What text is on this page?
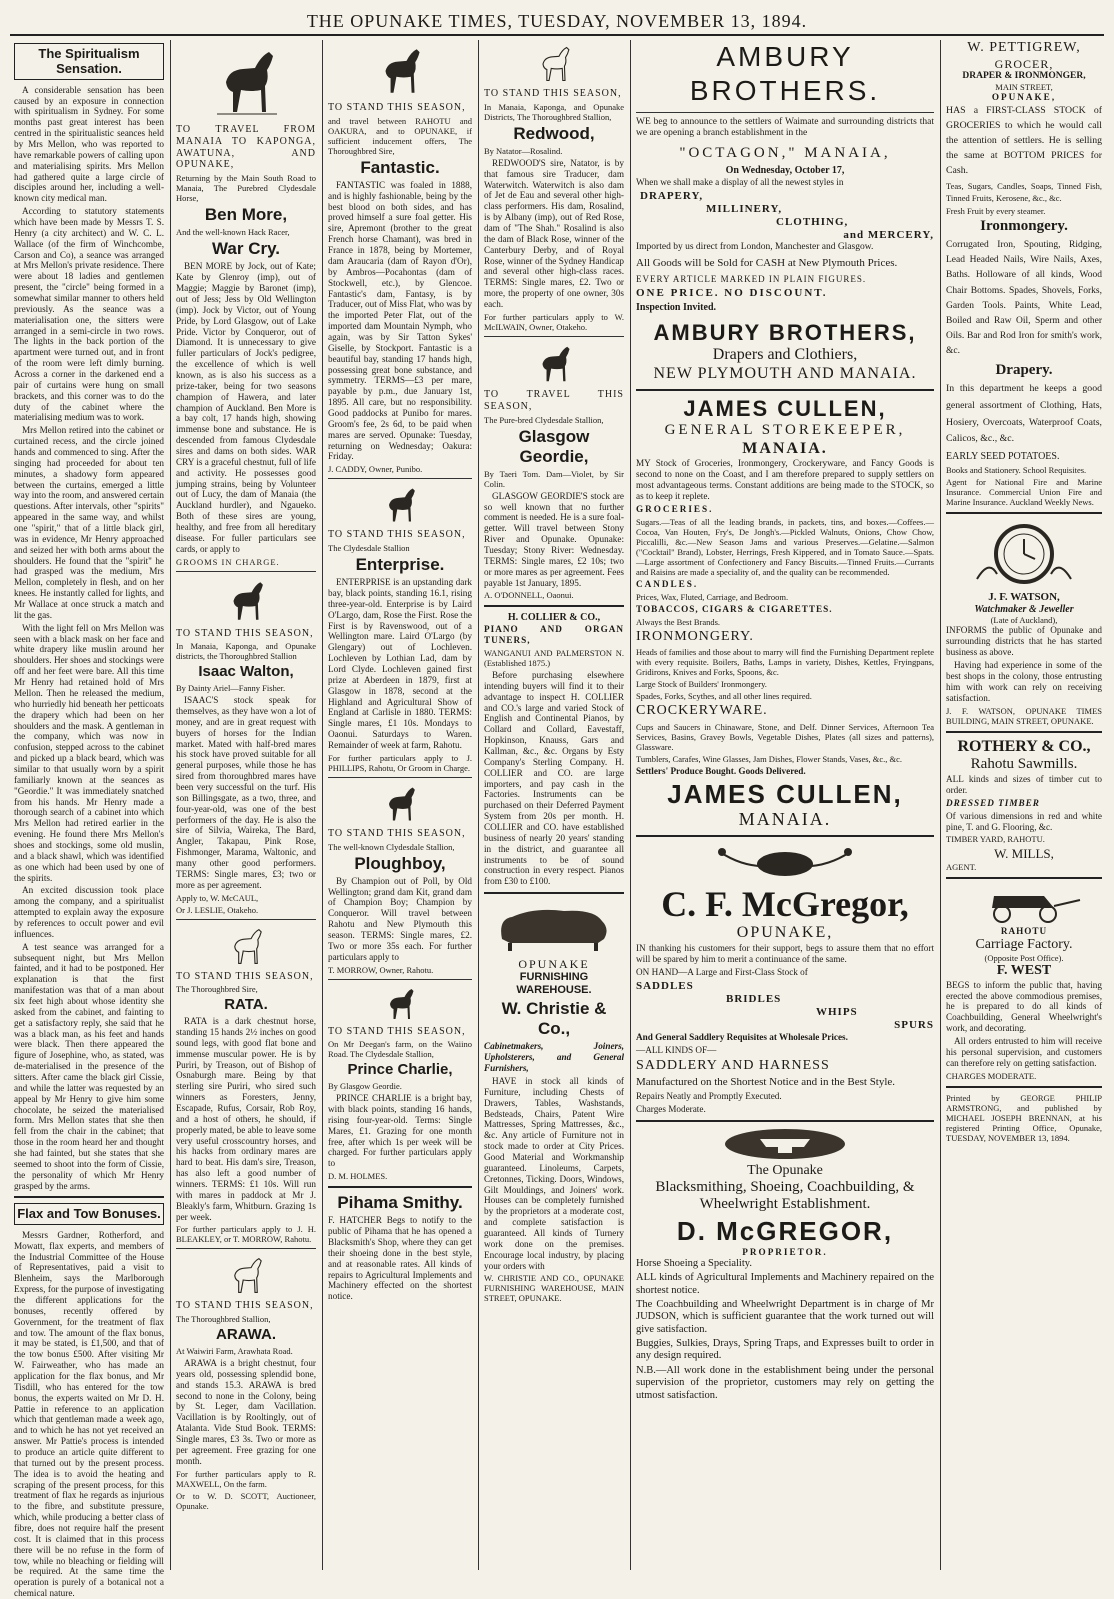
THE OPUNAKE TIMES, TUESDAY, NOVEMBER 13, 1894.
The Spiritualism Sensation.

A considerable sensation has been caused by an exposure in connection with spiritualism in Sydney. For some months past great interest has been centred in the spiritualistic seances held by Mrs Mellon, who was reported to have remarkable powers of calling upon and materialising spirits. Mrs Mellon had gathered quite a large circle of disciples around her, including a well-known city medical man.

According to statutory statements which have been made by Messrs T. S. Henry (a city architect) and W. C. L. Wallace (of the firm of Winchcombe, Carson and Co), a seance was arranged at Mrs Mellon's private residence. There were about 18 ladies and gentlemen present, the "circle" being formed in a somewhat similar manner to others held previously. As the seance was a materialisation one, the sitters were arranged in a semi-circle in two rows. The lights in the back portion of the apartment were turned out, and in front of the room were left dimly burning. Across a corner in the darkened end a pair of curtains were hung on small brackets, and this corner was to do the duty of the cabinet where the materialising medium was to work.

Mrs Mellon retired into the cabinet or curtained recess, and the circle joined hands and commenced to sing. After the singing had proceeded for about ten minutes, a shadowy form appeared between the curtains, emerged a little way into the room, and answered certain questions. After intervals, other "spirits" appeared in the same way, and whilst one "spirit," that of a little black girl, was in evidence, Mr Henry approached and seized her with both arms about the shoulders. He found that the "spirit" he had grasped was the medium, Mrs Mellon, completely in flesh, and on her knees. He instantly called for lights, and Mr Wallace at once struck a match and lit the gas.

With the light fell on Mrs Mellon was seen with a black mask on her face and white drapery like muslin around her shoulders. Her shoes and stockings were off and her feet were bare. All this time Mr Henry had retained hold of Mrs Mellon. Then he released the medium, who hurriedly hid beneath her petticoats the drapery which had been on her shoulders and the mask. A gentleman in the company, which was now in confusion, stepped across to the cabinet and picked up a black beard, which was similar to that usually worn by a spirit familiarly known at the seances as "Geordie." It was immediately snatched from his hands. Mr Henry made a thorough search of a cabinet into which Mrs Mellon had retired earlier in the evening. He found there Mrs Mellon's shoes and stockings, some old muslin, and a black shawl, which was identified as one which had been used by one of the spirits.

An excited discussion took place among the company, and a spiritualist attempted to explain away the exposure by references to occult power and evil influences.

A test seance was arranged for a subsequent night, but Mrs Mellon fainted, and it had to be postponed. Her explanation is that the first manifestation was that of a man about six feet high about whose identity she asked from the cabinet, and fainting to get a satisfactory reply, she said that he was a black man, as his feet and hands were black. Then there appeared the figure of Josephine, who, as stated, was de-materialised in the presence of the sitters. After came the black girl Cissie, and while the latter was requested by an appeal by Mr Henry to give him some chocolate, he seized the materialised form. Mrs Mellon states that she then fell from the chair in the cabinet; that those in the room heard her and thought she had fainted, but she states that she seemed to shoot into the form of Cissie, the personality of which Mr Henry grasped by the arms.

Flax and Tow Bonuses.

Messrs Gardner, Rotherford, and Mowatt, flax experts, and members of the Industrial Committee of the House of Representatives, paid a visit to Blenheim, says the Marlborough Express, for the purpose of investigating the different applications for the bonuses, recently offered by Government, for the treatment of flax and tow. The amount of the flax bonus, it may be stated, is £1,500, and that of the tow bonus £500. After visiting Mr W. Fairweather, who has made an application for the flax bonus, and Mr Tisdill, who has entered for the tow bonus, the experts waited on Mr D. H. Pattie in reference to an application which that gentleman made a week ago, and to which he has not yet received an answer. Mr Pattie's process is intended to produce an article quite different to that turned out by the present process. The idea is to avoid the heating and scraping of the present process, for this treatment of flax he regards as injurious to the fibre, and substitute pressure, which, while producing a better class of fibre, does not require half the present cost. It is claimed that in this process there will be no refuse in the form of tow, while no bleaching or fielding will be required. At the same time the operation is purely of a botanical not a chemical nature.

TO TRAVEL FROM MANAIA TO KAPONGA, AWATUNA, AND OPUNAKE,

Returning by the Main South Road to Manaia, The Purebred Clydesdale Horse,

Ben More,

And the well-known Hack Racer,

War Cry.

BEN MORE by Jock, out of Kate; Kate by Glenroy (imp), out of Maggie; Maggie by Baronet (imp), out of Jess; Jess by Old Wellington (imp). Jock by Victor, out of Young Pride, by Lord Glasgow, out of Lake Pride. Victor by Conqueror, out of Diamond. It is unnecessary to give fuller particulars of Jock's pedigree, the excellence of which is well known, as is also his success as a prize-taker, being for two seasons champion of Hawera, and later champion of Auckland. Ben More is a bay colt, 17 hands high, showing immense bone and substance. He is descended from famous Clydesdale sires and dams on both sides. WAR CRY is a graceful chestnut, full of life and activity. He possesses good jumping strains, being by Volunteer out of Lucy, the dam of Manaia (the Auckland hurdler), and Ngaueko. Both of these sires are young, healthy, and free from all hereditary disease. For fuller particulars see cards, or apply to

GROOMS IN CHARGE.

TO STAND THIS SEASON,

In Manaia, Kaponga, and Opunake districts, the Thoroughbred Stallion

Isaac Walton,

By Dainty Ariel—Fanny Fisher.

ISAAC'S stock speak for themselves, as they have won a lot of money, and are in great request with buyers of horses for the Indian market. Mated with half-bred mares his stock have proved suitable for all general purposes, while those he has sired from thoroughbred mares have been very successful on the turf. His son Billingsgate, as a two, three, and four-year-old, was one of the best performers of the day. He is also the sire of Silvia, Waireka, The Bard, Angler, Takapau, Pink Rose, Fishmonger, Marama, Waltonic, and many other good performers. TERMS: Single mares, £3; two or more as per agreement.

Apply to, W. McCAUL,

Or J. LESLIE, Otakeho.

TO STAND THIS SEASON,

The Thoroughbred Sire,

RATA.

RATA is a dark chestnut horse, standing 15 hands 2½ inches on good sound legs, with good flat bone and immense muscular power. He is by Puriri, by Treason, out of Bishop of Osnaburgh mare. Being by that sterling sire Puriri, who sired such winners as Foresters, Jenny, Escapade, Rufus, Corsair, Rob Roy, and a host of others, he should, if properly mated, be able to leave some very useful crosscountry horses, and his hacks from ordinary mares are hard to beat. His dam's sire, Treason, has also left a good number of winners. TERMS: £1 10s. Will run with mares in paddock at Mr J. Bleakly's farm, Whitburn. Grazing 1s per week.

For further particulars apply to J. H. BLEAKLEY, or T. MORROW, Rahotu.

TO STAND THIS SEASON,

The Thoroughbred Stallion,

ARAWA.

At Waiwiri Farm, Arawhata Road.

ARAWA is a bright chestnut, four years old, possessing splendid bone, and stands 15.3. ARAWA is bred second to none in the Colony, being by St. Leger, dam Vacillation. Vacillation is by Rooltingly, out of Atalanta. Vide Stud Book. TERMS: Single mares, £3 3s. Two or more as per agreement. Free grazing for one month.

For further particulars apply to R. MAXWELL, On the farm.

Or to W. D. SCOTT, Auctioneer, Opunake.

TO STAND THIS SEASON,

and travel between RAHOTU and OAKURA, and to OPUNAKE, if sufficient inducement offers, The Thoroughbred Sire,

Fantastic.

FANTASTIC was foaled in 1888, and is highly fashionable, being by the best blood on both sides, and has proved himself a sure foal getter. His sire, Apremont (brother to the great French horse Chamant), was bred in France in 1878, being by Mortemer, dam Araucaria (dam of Rayon d'Or), by Ambros—Pocahontas (dam of Stockwell, etc.), by Glencoe. Fantastic's dam, Fantasy, is by Traducer, out of Miss Flat, who was by the imported Peter Flat, out of the imported dam Mountain Nymph, who again, was by Sir Tatton Sykes' Giselle, by Stockport. Fantastic is a beautiful bay, standing 17 hands high, possessing great bone substance, and symmetry. TERMS—£3 per mare, payable by p.m., due January 1st, 1895. All care, but no responsibility. Good paddocks at Punibo for mares. Groom's fee, 2s 6d, to be paid when mares are served. Opunake: Tuesday, returning on Wednesday; Oakura: Friday.

J. CADDY, Owner, Punibo.

TO STAND THIS SEASON,

The Clydesdale Stallion

Enterprise.

ENTERPRISE is an upstanding dark bay, black points, standing 16.1, rising three-year-old. Enterprise is by Laird O'Largo, dam, Rose the First. Rose the First is by Ravenswood, out of a Wellington mare. Laird O'Largo (by Glengary) out of Lochleven. Lochleven by Lothian Lad, dam by Lord Clyde. Lochleven gained first prize at Aberdeen in 1879, first at Glasgow in 1878, second at the Highland and Agricultural Show of England at Carlisle in 1880. TERMS: Single mares, £1 10s. Mondays to Oaonui. Saturdays to Waren. Remainder of week at farm, Rahotu.

For further particulars apply to J. PHILLIPS, Rahotu, Or Groom in Charge.

TO STAND THIS SEASON,

The well-known Clydesdale Stallion,

Ploughboy,

By Champion out of Poll, by Old Wellington; grand dam Kit, grand dam of Champion Boy; Champion by Conqueror. Will travel between Rahotu and New Plymouth this season. TERMS: Single mares, £2. Two or more 35s each. For further particulars apply to

T. MORROW, Owner, Rahotu.

TO STAND THIS SEASON,

On Mr Deegan's farm, on the Waiino Road. The Clydesdale Stallion,

Prince Charlie,

By Glasgow Geordie.

PRINCE CHARLIE is a bright bay, with black points, standing 16 hands, rising four-year-old. Terms: Single Mares, £1. Grazing for one month free, after which 1s per week will be charged. For further particulars apply to

D. M. HOLMES.

Pihama Smithy.

F. HATCHER Begs to notify to the public of Pihama that he has opened a Blacksmith's Shop, where they can get their shoeing done in the best style, and at reasonable rates. All kinds of repairs to Agricultural Implements and Machinery effected on the shortest notice.

TO STAND THIS SEASON,

In Manaia, Kaponga, and Opunake Districts, The Thoroughbred Stallion,

Redwood,

By Natator—Rosalind.

REDWOOD'S sire, Natator, is by that famous sire Traducer, dam Waterwitch. Waterwitch is also dam of Jet de Eau and several other high-class performers. His dam, Rosalind, is by Albany (imp), out of Red Rose, dam of "The Shah." Rosalind is also the dam of Black Rose, winner of the Canterbury Derby, and of Royal Rose, winner of the Sydney Handicap and several other high-class races. TERMS: Single mares, £2. Two or more, the property of one owner, 30s each.

For further particulars apply to W. McILWAIN, Owner, Otakeho.

TO TRAVEL THIS SEASON,

The Pure-bred Clydesdale Stallion,

Glasgow Geordie,

By Taeri Tom. Dam—Violet, by Sir Colin.

GLASGOW GEORDIE'S stock are so well known that no further comment is needed. He is a sure foal-getter. Will travel between Stony River and Opunake. Opunake: Tuesday; Stony River: Wednesday. TERMS: Single mares, £2 10s; two or more mares as per agreement. Fees payable 1st January, 1895.

A. O'DONNELL, Oaonui.

H. COLLIER & CO.,

PIANO AND ORGAN TUNERS,

WANGANUI AND PALMERSTON N. (Established 1875.)

Before purchasing elsewhere intending buyers will find it to their advantage to inspect H. COLLIER and CO.'s large and varied Stock of English and Continental Pianos, by Collard and Collard, Eavestaff, Hopkinson, Knauss, Gars and Kallman, &c., &c. Organs by Esty Company's Sterling Company. H. COLLIER and CO. are large importers, and pay cash in the Factories. Instruments can be purchased on their Deferred Payment System from 20s per month. H. COLLIER and CO. have established business of nearly 20 years' standing in the district, and guarantee all instruments to be of sound construction in every respect. Pianos from £30 to £100.

OPUNAKE
FURNISHING WAREHOUSE.
W. Christie & Co.,

Cabinetmakers, Joiners, Upholsterers, and General Furnishers,

HAVE in stock all kinds of Furniture, including Chests of Drawers, Tables, Washstands, Bedsteads, Chairs, Patent Wire Mattresses, Spring Mattresses, &c., &c. Any article of Furniture not in stock made to order at City Prices. Good Material and Workmanship guaranteed. Linoleums, Carpets, Cretonnes, Ticking. Doors, Windows, Gilt Mouldings, and Joiners' work. Houses can be completely furnished by the proprietors at a moderate cost, and complete satisfaction is guaranteed. All kinds of Turnery work done on the premises. Encourage local industry, by placing your orders with

W. CHRISTIE AND CO., OPUNAKE FURNISHING WAREHOUSE, MAIN STREET, OPUNAKE.

AMBURY BROTHERS.

WE beg to announce to the settlers of Waimate and surrounding districts that we are opening a branch establishment in the

"OCTAGON," MANAIA,
On Wednesday, October 17,

When we shall make a display of all the newest styles in

DRAPERY,
MILLINERY,
CLOTHING,
and MERCERY,

Imported by us direct from London, Manchester and Glasgow.

All Goods will be Sold for CASH at New Plymouth Prices.

EVERY ARTICLE MARKED IN PLAIN FIGURES.

ONE PRICE. NO DISCOUNT.

Inspection Invited.

AMBURY BROTHERS,
Drapers and Clothiers,
NEW PLYMOUTH AND MANAIA.
JAMES CULLEN,
GENERAL STOREKEEPER,
MANAIA.

MY Stock of Groceries, Ironmongery, Crockeryware, and Fancy Goods is second to none on the Coast, and I am therefore prepared to supply settlers on most advantageous terms. Constant additions are being made to the STOCK, so as to keep it replete.

GROCERIES.

Sugars.—Teas of all the leading brands, in packets, tins, and boxes.—Coffees.—Cocoa, Van Houten, Fry's, De Jongh's.—Pickled Walnuts, Onions, Chow Chow, Piccalilli, &c.—New Season Jams and various Preserves.—Gelatine.—Salmon ("Cocktail" Brand), Lobster, Herrings, Fresh Kippered, and in Tomato Sauce.—Spats.—Large assortment of Confectionery and Fancy Biscuits.—Tinned Fruits.—Currants and Raisins are made a speciality of, and the quality can be recommended.

CANDLES.

Prices, Wax, Fluted, Carriage, and Bedroom.

TOBACCOS, CIGARS & CIGARETTES.

Always the Best Brands.

IRONMONGERY.

Heads of families and those about to marry will find the Furnishing Department replete with every requisite. Boilers, Baths, Lamps in variety, Dishes, Kettles, Fryingpans, Gridirons, Knives and Forks, Spoons, &c.

Large Stock of Builders' Ironmongery.

Spades, Forks, Scythes, and all other lines required.

CROCKERYWARE.

Cups and Saucers in Chinaware, Stone, and Delf. Dinner Services, Afternoon Tea Services, Basins, Gravey Bowls, Vegetable Dishes, Plates (all sizes and patterns), Glassware.

Tumblers, Carafes, Wine Glasses, Jam Dishes, Flower Stands, Vases, &c., &c.

Settlers' Produce Bought. Goods Delivered.

JAMES CULLEN,
MANAIA.
C. F. McGregor,
OPUNAKE,

IN thanking his customers for their support, begs to assure them that no effort will be spared by him to merit a continuance of the same.

ON HAND—A Large and First-Class Stock of

SADDLES
BRIDLES
WHIPS
SPURS

And General Saddlery Requisites at Wholesale Prices.

—ALL KINDS OF—

SADDLERY AND HARNESS

Manufactured on the Shortest Notice and in the Best Style.

Repairs Neatly and Promptly Executed.

Charges Moderate.

The Opunake
Blacksmithing, Shoeing, Coachbuilding, & Wheelwright Establishment.
D. McGREGOR,
PROPRIETOR.

Horse Shoeing a Speciality.

ALL kinds of Agricultural Implements and Machinery repaired on the shortest notice.

The Coachbuilding and Wheelwright Department is in charge of Mr JUDSON, which is sufficient guarantee that the work turned out will give satisfaction.

Buggies, Sulkies, Drays, Spring Traps, and Expresses built to order in any design required.

N.B.—All work done in the establishment being under the personal supervision of the proprietor, customers may rely on getting the utmost satisfaction.

W. PETTIGREW,
GROCER,
DRAPER & IRONMONGER,
MAIN STREET,
OPUNAKE,

HAS a FIRST-CLASS STOCK of GROCERIES to which he would call the attention of settlers. He is selling the same at BOTTOM PRICES for Cash.

Teas, Sugars, Candles, Soaps, Tinned Fish, Tinned Fruits, Kerosene, &c., &c.

Fresh Fruit by every steamer.

Ironmongery.

Corrugated Iron, Spouting, Ridging, Lead Headed Nails, Wire Nails, Axes, Baths. Holloware of all kinds, Wood Chair Bottoms. Spades, Shovels, Forks, Garden Tools. Paints, White Lead, Boiled and Raw Oil, Sperm and other Oils. Bar and Rod Iron for smith's work, &c.

Drapery.

In this department he keeps a good general assortment of Clothing, Hats, Hosiery, Overcoats, Waterproof Coats, Calicos, &c., &c.

EARLY SEED POTATOES.

Books and Stationery. School Requisites.

Agent for National Fire and Marine Insurance. Commercial Union Fire and Marine Insurance. Auckland Weekly News.

J. F. WATSON,
Watchmaker & Jeweller
(Late of Auckland),

INFORMS the public of Opunake and surrounding districts that he has started business as above.

Having had experience in some of the best shops in the colony, those entrusting him with work can rely on receiving satisfaction.

J. F. WATSON, OPUNAKE TIMES BUILDING, MAIN STREET, OPUNAKE.

ROTHERY & CO.,
Rahotu Sawmills.

ALL kinds and sizes of timber cut to order.

DRESSED TIMBER

Of various dimensions in red and white pine, T. and G. Flooring, &c.

TIMBER YARD, RAHOTU.

W. MILLS,

AGENT.

RAHOTU
Carriage Factory.
(Opposite Post Office).
F. WEST

BEGS to inform the public that, having erected the above commodious premises, he is prepared to do all kinds of Coachbuilding, General Wheelwright's work, and decorating.

All orders entrusted to him will receive his personal supervision, and customers can therefore rely on getting satisfaction.

CHARGES MODERATE.

Printed by GEORGE PHILIP ARMSTRONG, and published by MICHAEL JOSEPH BRENNAN, at his registered Printing Office, Opunake, TUESDAY, NOVEMBER 13, 1894.
